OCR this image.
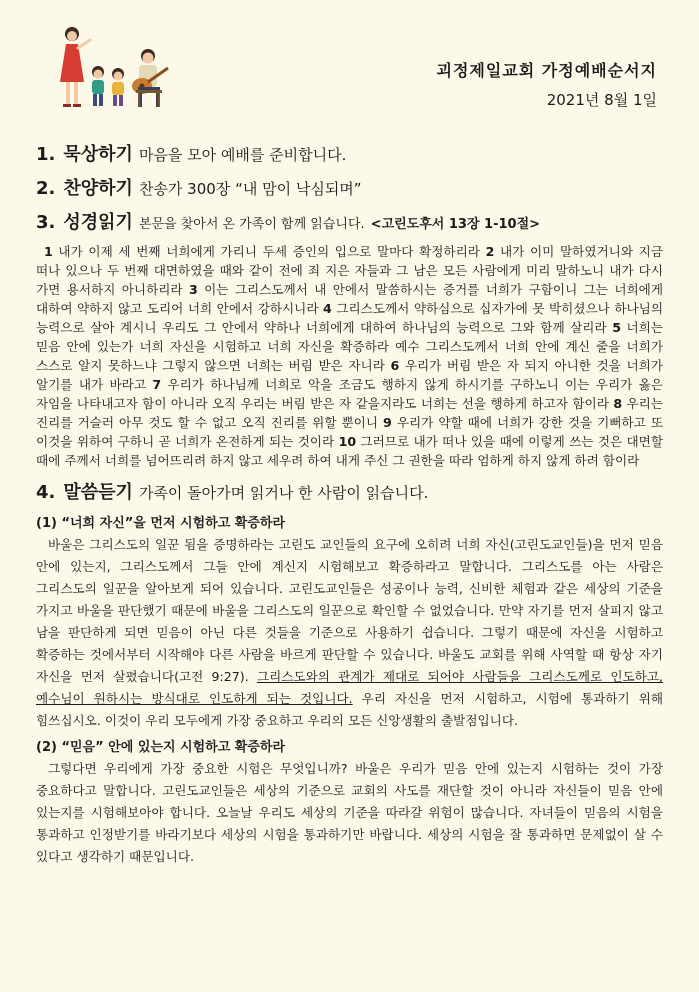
괴정제일교회 가정예배순서지
2021년 8월 1일
1. 묵상하기 마음을 모아 예배를 준비합니다.
2. 찬양하기 찬송가 300장 “내 맘이 낙심되며”
3. 성경읽기 본문을 찾아서 온 가족이 함께 읽습니다. <고린도후서 13장 1-10절>

1 내가 이제 세 번째 너희에게 가리니 두세 증인의 입으로 말마다 확정하리라 2 내가 이미 말하였거니와 지금 떠나 있으나 두 번째 대면하였을 때와 같이 전에 죄 지은 자들과 그 남은 모든 사람에게 미리 말하노니 내가 다시 가면 용서하지 아니하리라 3 이는 그리스도께서 내 안에서 말씀하시는 증거를 너희가 구함이니 그는 너희에게 대하여 약하지 않고 도리어 너희 안에서 강하시니라 4 그리스도께서 약하심으로 십자가에 못 박히셨으나 하나님의 능력으로 살아 계시니 우리도 그 안에서 약하나 너희에게 대하여 하나님의 능력으로 그와 함께 살리라 5 너희는 믿음 안에 있는가 너희 자신을 시험하고 너희 자신을 확증하라 예수 그리스도께서 너희 안에 계신 줄을 너희가 스스로 알지 못하느냐 그렇지 않으면 너희는 버림 받은 자니라 6 우리가 버림 받은 자 되지 아니한 것을 너희가 알기를 내가 바라고 7 우리가 하나님께 너희로 악을 조금도 행하지 않게 하시기를 구하노니 이는 우리가 옳은 자임을 나타내고자 함이 아니라 오직 우리는 버림 받은 자 같을지라도 너희는 선을 행하게 하고자 함이라 8 우리는 진리를 거슬러 아무 것도 할 수 없고 오직 진리를 위할 뿐이니 9 우리가 약할 때에 너희가 강한 것을 기뻐하고 또 이것을 위하여 구하니 곧 너희가 온전하게 되는 것이라 10 그러므로 내가 떠나 있을 때에 이렇게 쓰는 것은 대면할 때에 주께서 너희를 넘어뜨리려 하지 않고 세우려 하여 내게 주신 그 권한을 따라 엄하게 하지 않게 하려 함이라

4. 말씀듣기 가족이 돌아가며 읽거나 한 사람이 읽습니다.
(1) “너희 자신”을 먼저 시험하고 확증하라

바울은 그리스도의 일꾼 됨을 증명하라는 고린도 교인들의 요구에 오히려 너희 자신(고린도교인들)을 먼저 믿음 안에 있는지, 그리스도께서 그들 안에 계신지 시험해보고 확증하라고 말합니다. 그리스도를 아는 사람은 그리스도의 일꾼을 알아보게 되어 있습니다. 고린도교인들은 성공이나 능력, 신비한 체험과 같은 세상의 기준을 가지고 바울을 판단했기 때문에 바울을 그리스도의 일꾼으로 확인할 수 없었습니다. 만약 자기를 먼저 살피지 않고 남을 판단하게 되면 믿음이 아닌 다른 것들을 기준으로 사용하기 쉽습니다. 그렇기 때문에 자신을 시험하고 확증하는 것에서부터 시작해야 다른 사람을 바르게 판단할 수 있습니다. 바울도 교회를 위해 사역할 때 항상 자기 자신을 먼저 살폈습니다(고전 9:27). 그리스도와의 관계가 제대로 되어야 사람들을 그리스도께로 인도하고, 예수님이 원하시는 방식대로 인도하게 되는 것입니다. 우리 자신을 먼저 시험하고, 시험에 통과하기 위해 힘쓰십시오. 이것이 우리 모두에게 가장 중요하고 우리의 모든 신앙생활의 출발점입니다.

(2) “믿음” 안에 있는지 시험하고 확증하라

그렇다면 우리에게 가장 중요한 시험은 무엇입니까? 바울은 우리가 믿음 안에 있는지 시험하는 것이 가장 중요하다고 말합니다. 고린도교인들은 세상의 기준으로 교회의 사도를 재단할 것이 아니라 자신들이 믿음 안에 있는지를 시험해보아야 합니다. 오늘날 우리도 세상의 기준을 따라갈 위험이 많습니다. 자녀들이 믿음의 시험을 통과하고 인정받기를 바라기보다 세상의 시험을 통과하기만 바랍니다. 세상의 시험을 잘 통과하면 문제없이 살 수 있다고 생각하기 때문입니다.
